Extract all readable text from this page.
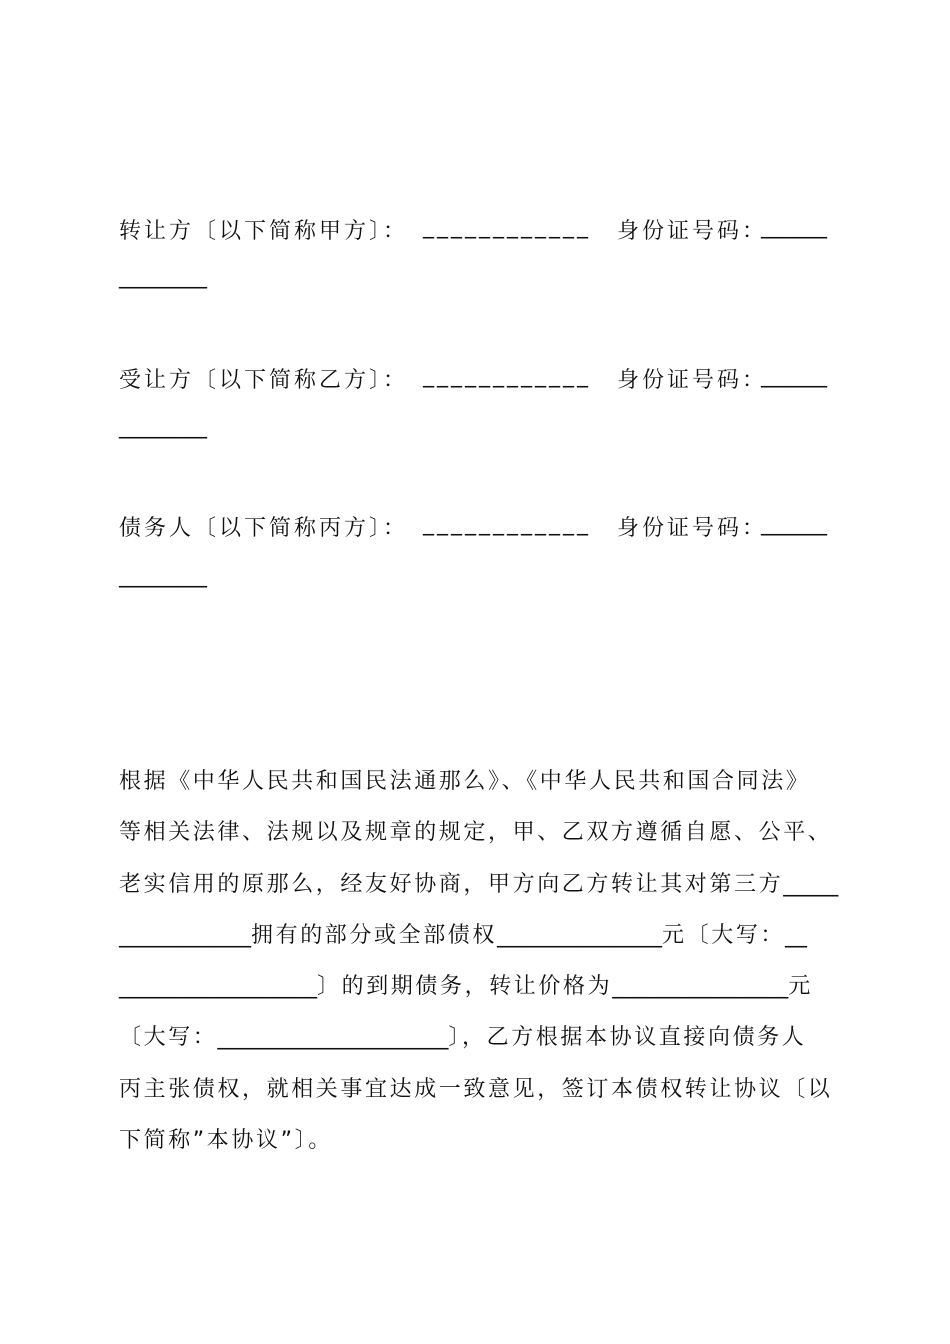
转让方〔以下简称甲方〕： ____________ 身份证号码：
______
________
受让方〔以下简称乙方〕： ____________ 身份证号码：
______
________
债务人〔以下简称丙方〕： ____________ 身份证号码：
______
________
根据《中华人民共和国民法通那么》、《中华人民共和国合同法》
等相关法律、法规以及规章的规定，甲、乙双方遵循自愿、公平、
老实信用的原那么，经友好协商，甲方向乙方转让其对第三方_____
____________拥有的部分或全部债权_______________元〔大写：__
__________________〕的到期债务，转让价格为________________元
〔大写：_____________________〕，乙方根据本协议直接向债务人
丙主张债权，就相关事宜达成一致意见，签订本债权转让协议〔以
下简称”本协议”〕。
